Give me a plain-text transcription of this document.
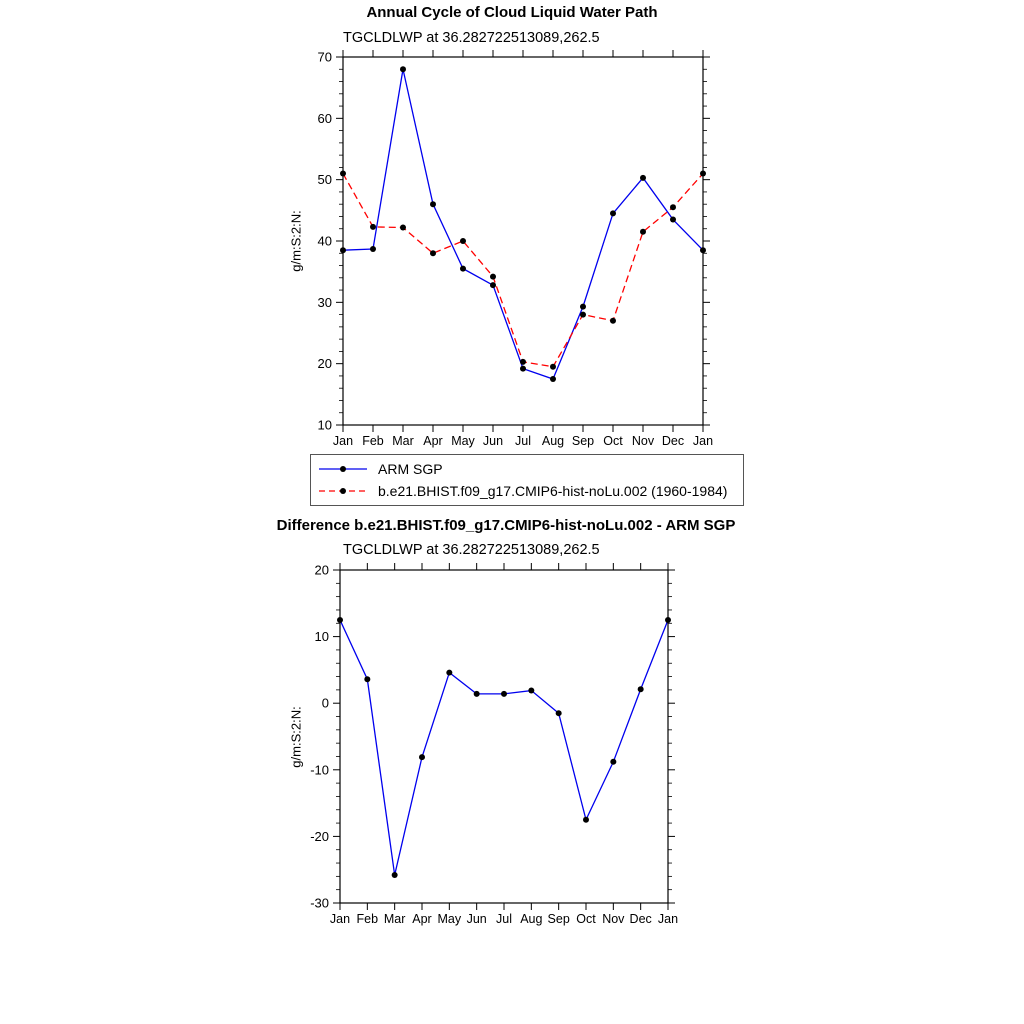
10
20
30
40
50
60
70
Jan Feb Mar Apr May Jun Jul Aug Sep Oct Nov Dec Jan
-30
-20
-10
0
10
20
Jan Feb Mar Apr May Jun Jul Aug Sep Oct Nov Dec Jan
Annual Cycle of Cloud Liquid Water Path
TGCLDLWP at 36.282722513089,262.5
g/m:S:2:N:
ARM SGP
b.e21.BHIST.f09_g17.CMIP6-hist-noLu.002 (1960-1984)
Difference b.e21.BHIST.f09_g17.CMIP6-hist-noLu.002 - ARM SGP
TGCLDLWP at 36.282722513089,262.5
g/m:S:2:N:
